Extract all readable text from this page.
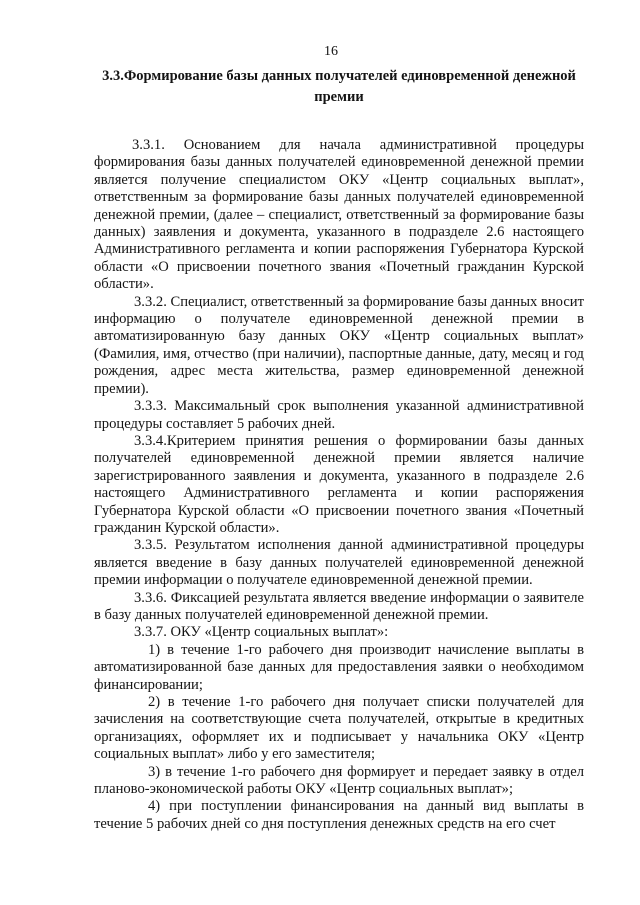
16
3.3.Формирование базы данных получателей единовременной денежной премии

3.3.1. Основанием для начала административной процедуры формирования базы данных получателей единовременной денежной премии является получение специалистом ОКУ «Центр социальных выплат», ответственным за формирование базы данных получателей единовременной денежной премии, (далее – специалист, ответственный за формирование базы данных) заявления и документа, указанного в подразделе 2.6 настоящего Административного регламента и копии распоряжения Губернатора Курской области «О присвоении почетного звания «Почетный гражданин Курской области».

3.3.2. Специалист, ответственный за формирование базы данных вносит информацию о получателе единовременной денежной премии в автоматизированную базу данных ОКУ «Центр социальных выплат» (Фамилия, имя, отчество (при наличии), паспортные данные, дату, месяц и год рождения, адрес места жительства, размер единовременной денежной премии).

3.3.3. Максимальный срок выполнения указанной административной процедуры составляет 5 рабочих дней.

3.3.4.Критерием принятия решения о формировании базы данных получателей единовременной денежной премии является наличие зарегистрированного заявления и документа, указанного в подразделе 2.6 настоящего Административного регламента и копии распоряжения Губернатора Курской области «О присвоении почетного звания «Почетный гражданин Курской области».

3.3.5. Результатом исполнения данной административной процедуры является введение в базу данных получателей единовременной денежной премии информации о получателе единовременной денежной премии.

3.3.6. Фиксацией результата является введение информации о заявителе в базу данных получателей единовременной денежной премии.

3.3.7. ОКУ «Центр социальных выплат»:

1) в течение 1-го рабочего дня производит начисление выплаты в автоматизированной базе данных для предоставления заявки о необходимом финансировании;

2) в течение 1-го рабочего дня получает списки получателей для зачисления на соответствующие счета получателей, открытые в кредитных организациях, оформляет их и подписывает у начальника ОКУ «Центр социальных выплат» либо у его заместителя;

3) в течение 1-го рабочего дня формирует и передает заявку в отдел планово-экономической работы ОКУ «Центр социальных выплат»;

4) при поступлении финансирования на данный вид выплаты в течение 5 рабочих дней со дня поступления денежных средств на его счет
